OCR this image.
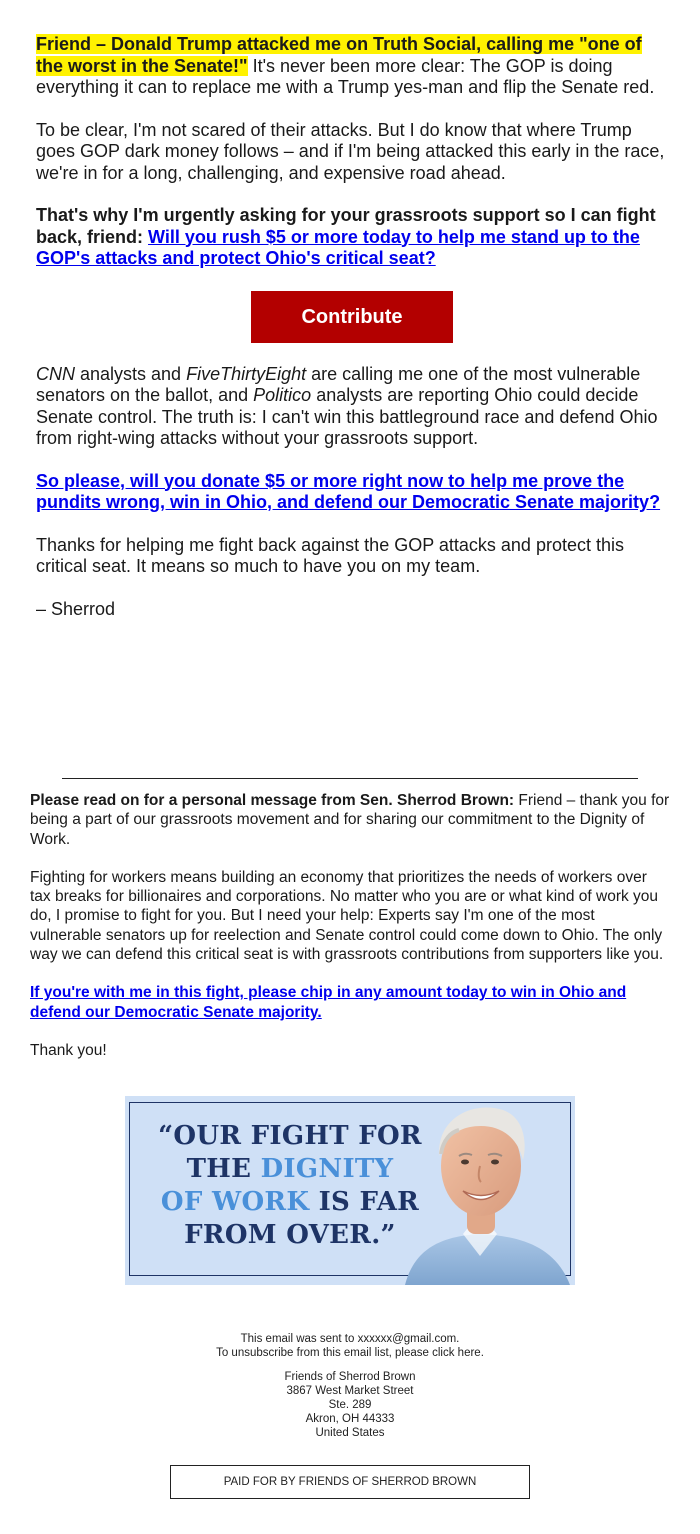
Friend – Donald Trump attacked me on Truth Social, calling me "one of the worst in the Senate!" It's never been more clear: The GOP is doing everything it can to replace me with a Trump yes-man and flip the Senate red.

To be clear, I'm not scared of their attacks. But I do know that where Trump goes GOP dark money follows – and if I'm being attacked this early in the race, we're in for a long, challenging, and expensive road ahead.

That's why I'm urgently asking for your grassroots support so I can fight back, friend: Will you rush $5 or more today to help me stand up to the GOP's attacks and protect Ohio's critical seat?

Contribute

CNN analysts and FiveThirtyEight are calling me one of the most vulnerable senators on the ballot, and Politico analysts are reporting Ohio could decide Senate control. The truth is: I can't win this battleground race and defend Ohio from right-wing attacks without your grassroots support.

So please, will you donate $5 or more right now to help me prove the pundits wrong, win in Ohio, and defend our Democratic Senate majority?

Thanks for helping me fight back against the GOP attacks and protect this critical seat. It means so much to have you on my team.

– Sherrod

Please read on for a personal message from Sen. Sherrod Brown: Friend – thank you for being a part of our grassroots movement and for sharing our commitment to the Dignity of Work.

Fighting for workers means building an economy that prioritizes the needs of workers over tax breaks for billionaires and corporations. No matter who you are or what kind of work you do, I promise to fight for you. But I need your help: Experts say I'm one of the most vulnerable senators up for reelection and Senate control could come down to Ohio. The only way we can defend this critical seat is with grassroots contributions from supporters like you.

If you're with me in this fight, please chip in any amount today to win in Ohio and defend our Democratic Senate majority.

Thank you!

“OUR FIGHT FOR
THE DIGNITY
OF WORK IS FAR
FROM OVER.”
This email was sent to xxxxxx@gmail.com.
To unsubscribe from this email list, please click here.
Friends of Sherrod Brown
3867 West Market Street
Ste. 289
Akron, OH 44333
United States
PAID FOR BY FRIENDS OF SHERROD BROWN
